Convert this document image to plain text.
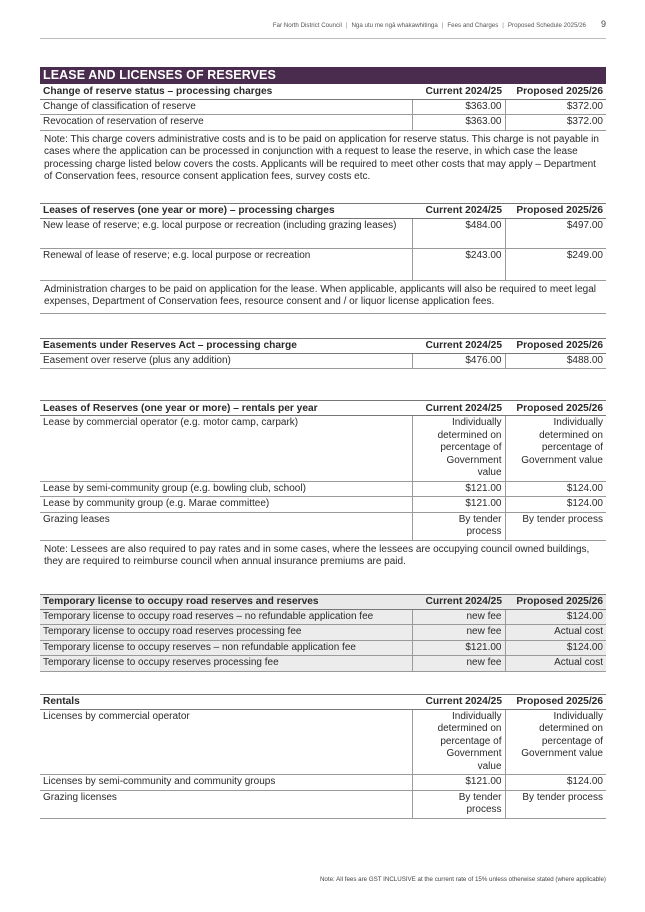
Far North District Council | Nga utu me ngā whakawhitinga | Fees and Charges | Proposed Schedule 2025/26 9
LEASE AND LICENSES OF RESERVES
Change of reserve status – processing charges	Current 2024/25	Proposed 2025/26
Change of classification of reserve	$363.00	$372.00
Revocation of reservation of reserve	$363.00	$372.00
Note: This charge covers administrative costs and is to be paid on application for reserve status. This charge is not payable in cases where the application can be processed in conjunction with a request to lease the reserve, in which case the lease processing charge listed below covers the costs. Applicants will be required to meet other costs that may apply – Department of Conservation fees, resource consent application fees, survey costs etc.
Leases of reserves (one year or more) – processing charges	Current 2024/25	Proposed 2025/26
New lease of reserve; e.g. local purpose or recreation (including grazing leases)	$484.00	$497.00
Renewal of lease of reserve; e.g. local purpose or recreation	$243.00	$249.00
Administration charges to be paid on application for the lease. When applicable, applicants will also be required to meet legal expenses, Department of Conservation fees, resource consent and / or liquor license application fees.
Easements under Reserves Act – processing charge	Current 2024/25	Proposed 2025/26
Easement over reserve (plus any addition)	$476.00	$488.00
Leases of Reserves (one year or more) – rentals per year	Current 2024/25	Proposed 2025/26
Lease by commercial operator (e.g. motor camp, carpark)	Individually determined on percentage of Government value	Individually determined on percentage of Government value
Lease by semi-community group (e.g. bowling club, school)	$121.00	$124.00
Lease by community group (e.g. Marae committee)	$121.00	$124.00
Grazing leases	By tender process	By tender process
Note: Lessees are also required to pay rates and in some cases, where the lessees are occupying council owned buildings, they are required to reimburse council when annual insurance premiums are paid.
Temporary license to occupy road reserves and reserves	Current 2024/25	Proposed 2025/26
Temporary license to occupy road reserves – no refundable application fee	new fee	$124.00
Temporary license to occupy road reserves processing fee	new fee	Actual cost
Temporary license to occupy reserves – non refundable application fee	$121.00	$124.00
Temporary license to occupy reserves processing fee	new fee	Actual cost
Rentals	Current 2024/25	Proposed 2025/26
Licenses by commercial operator	Individually determined on percentage of Government value	Individually determined on percentage of Government value
Licenses by semi-community and community groups	$121.00	$124.00
Grazing licenses	By tender process	By tender process
Note: All fees are GST INCLUSIVE at the current rate of 15% unless otherwise stated (where applicable)
